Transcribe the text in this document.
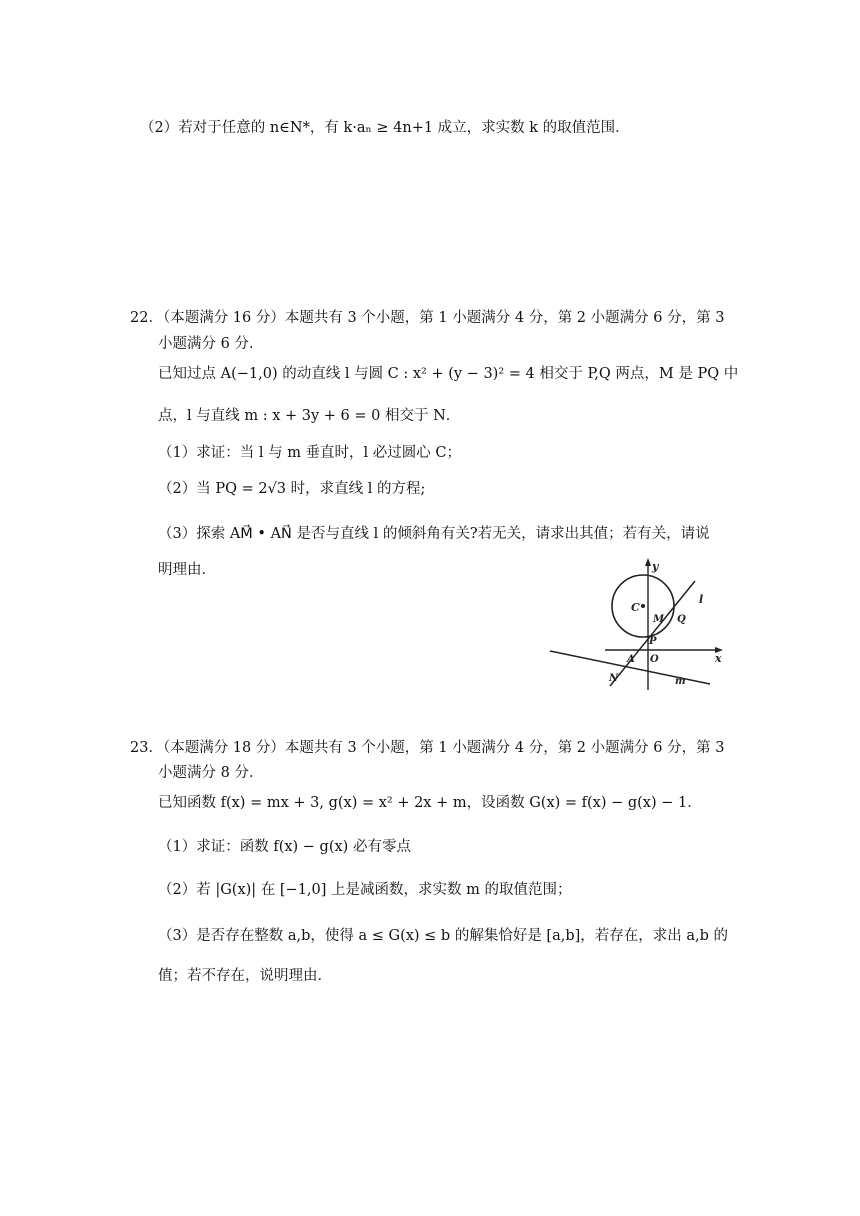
（2）若对于任意的 n∈N*，有 k·aₙ ≥ 4n+1 成立，求实数 k 的取值范围．
22．（本题满分 16 分）本题共有 3 个小题，第 1 小题满分 4 分，第 2 小题满分 6 分，第 3
小题满分 6 分．
已知过点 A(−1,0) 的动直线 l 与圆 C : x² + (y − 3)² = 4 相交于 P,Q 两点，M 是 PQ 中
点，l 与直线 m : x + 3y + 6 = 0 相交于 N．
（1）求证：当 l 与 m 垂直时，l 必过圆心 C；
（2）当 PQ = 2√3 时，求直线 l 的方程;
（3）探索 AM⃗ • AN⃗ 是否与直线 l 的倾斜角有关?若无关，请求出其值；若有关，请说
明理由．	y
x
C
M
l
Q
P
A O
N	m
23．（本题满分 18 分）本题共有 3 个小题，第 1 小题满分 4 分，第 2 小题满分 6 分，第 3
小题满分 8 分．
已知函数 f(x) = mx + 3, g(x) = x² + 2x + m，设函数 G(x) = f(x) − g(x) − 1．
（1）求证：函数 f(x) − g(x) 必有零点
（2）若 |G(x)| 在 [−1,0] 上是减函数，求实数 m 的取值范围；
（3）是否存在整数 a,b，使得 a ≤ G(x) ≤ b 的解集恰好是 [a,b]，若存在，求出 a,b 的
值；若不存在，说明理由．
